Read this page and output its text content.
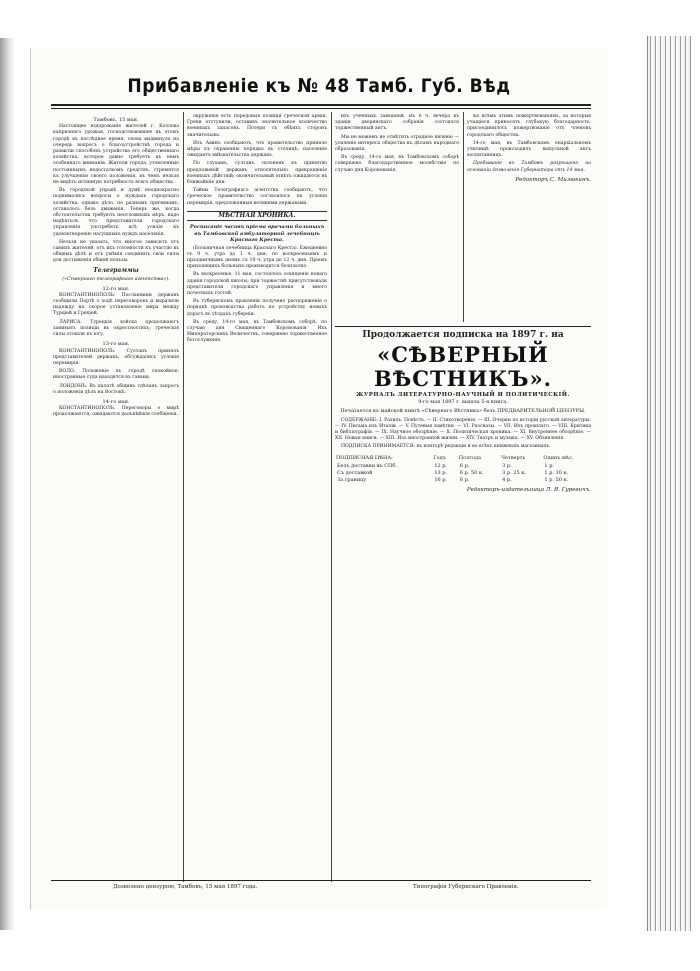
Прибавленіе къ № 48 Тамб. Губ. Вѣд
Тамбовъ, 15 мая.

Настоящее вздорожаніе жителей г. Козлова капризнаго урожая, господствовавшее въ этомъ городѣ въ послѣднее время, снова выдвинуло на очередь вопросъ о благоустройствѣ города и развитіи способовъ устройства его общественнаго хозяйства, которое давно требуетъ въ немъ особеннаго вниманія. Жители города, утомленные постояннымъ недостаткомъ средствъ, стремятся къ улучшенію своего положенія, въ чемъ нельзя не видѣть истинную потребность всего общества.

Въ городской управѣ и думѣ неоднократно поднимались вопросы о нуждахъ городскаго хозяйства; однако дѣло, по разнымъ причинамъ, оставалось безъ движенія. Теперь же, когда обстоятельства требуютъ неотложныхъ мѣръ, надо надѣяться, что представители городскаго управленія употребятъ всѣ усилія къ удовлетворенію насущныхъ нуждъ населенія.

Нельзя не указать, что многое зависитъ отъ самихъ жителей, отъ ихъ готовности къ участію въ общемъ дѣлѣ и отъ умѣнія соединить свои силы для достиженія общей пользы.

Телеграммы
(«Сѣвернаго телеграфнаго агентства»).
12-го мая.

КОНСТАНТИНОПОЛЬ. Посланники державъ сообщили Портѣ о ходѣ переговоровъ и выразили надежду на скорое установленіе мира между Турціей и Греціей.

ЛАРИСА. Турецкія войска продолжаютъ занимать позиціи въ окрестностяхъ; греческія силы отошли къ югу.

13-го мая.

КОНСТАНТИНОПОЛЬ. Султанъ принялъ представителей державъ; обсуждались условія перемирія.

ВОЛО. Положеніе въ городѣ спокойное; иностранные суда находятся въ гавани.

ЛОНДОНЪ. Въ палатѣ общинъ сдѣланъ запросъ о положеніи дѣлъ на Востокѣ.

14-го мая.

КОНСТАНТИНОПОЛЬ. Переговоры о мирѣ продолжаются; ожидаются дальнѣйшія сообщенія.

окруженіе есть передовыя позиціи греческой арміи. Греки отступили, оставивъ значительное количество военныхъ запасовъ. Потери съ обѣихъ сторонъ значительны.

Изъ Аѳинъ сообщаютъ, что правительство приняло мѣры къ охраненію порядка въ столицѣ; населеніе ожидаетъ вмѣшательства державъ.

По слухамъ, султанъ склоненъ къ принятію предложеній державъ относительно прекращенія военныхъ дѣйствій; окончательный отвѣтъ ожидается въ ближайшіе дни.

Тайны Телеграфнаго агентства сообщаютъ, что греческое правительство согласилось на условія перемирія, предложенныя великими державами.

МѢСТНАЯ ХРОНИКА.
Росписаніе часовъ пріема врачами больныхъ въ Тамбовской амбулаторной лечебницѣ Краснаго Креста.

(Больничная лечебница Краснаго Креста). Ежедневно съ 9 ч. утра до 1 ч. дня; по воскресеньямъ и праздничнымъ днямъ съ 10 ч. утра до 12 ч. дня. Пріемъ приходящихъ больныхъ производится безплатно.

Въ воскресенье, 11 мая, состоялось освященіе новаго зданія городской школы; при торжествѣ присутствовали представители городскаго управленія и много почетныхъ гостей.

Въ губернскомъ правленіи получено распоряженіе о порядкѣ производства работъ по устройству новыхъ дорогъ въ уѣздахъ губерніи.

Въ среду, 14-го мая, въ Тамбовскомъ соборѣ, по случаю дня Священнаго Коронованія Ихъ Императорскихъ Величествъ, совершено торжественное богослуженіе.

ихъ учебныхъ заведеній. Въ 6 ч. вечера въ зданіи дворянскаго собранія состоялся торжественный актъ.

Мы не можемъ не отмѣтить отрадное явленіе — усиленіе интереса общества къ дѣламъ народнаго образованія.

Въ среду, 14-го мая, въ Тамбовскомъ соборѣ совершено благодарственное молебствіе по случаю дня Коронованія.

Ко всѣмъ этимъ пожертвованіямъ, за которыя учащіеся приносятъ глубокую благодарность, присоединилось пожертвованіе отъ членовъ городскаго общества.

14-го мая, въ Тамбовскомъ епархіальномъ училищѣ происходилъ выпускной актъ воспитанницъ.

Пребываніе въ Тамбовѣ разрѣшено на основаніи дозволенія Губернатора отъ 14 мая.

Редакторъ С. Милюкинъ.
Продолжается подписка на 1897 г. на
«СѢВЕРНЫЙ ВѢСТНИКЪ».
ЖУРНАЛЪ ЛИТЕРАТУРНО-НАУЧНЫЙ И ПОЛИТИЧЕСКІЙ.
9-го мая 1897 г. вышла 5-я книга.
Печатается въ майской книгѣ «Сѣвернаго Вѣстника» безъ ПРЕДВАРИТЕЛЬНОЙ ЦЕНЗУРЫ.

СОДЕРЖАНІЕ: I. Рахиль. Повѣсть. — II. Стихотворенія. — III. Очерки по исторіи русской литературы. — IV. Письма изъ Италіи. — V. Путевыя замѣтки. — VI. Разсказы. — VII. Изъ прошлаго. — VIII. Критика и библіографія. — IX. Научное обозрѣніе. — X. Политическая хроника. — XI. Внутреннее обозрѣніе. — XII. Новыя книги. — XIII. Изъ иностранной жизни. — XIV. Театръ и музыка. — XV. Объявленія.

ПОДПИСКА ПРИНИМАЕТСЯ: въ конторѣ редакціи и во всѣхъ книжныхъ магазинахъ.

ПОДПИСНАЯ ЦѢНА:	Годъ	Полгода	Четверть	Одинъ мѣс.
Безъ доставки въ СПб.	12 р.	6 р.	3 р.	1 р.
Съ доставкой	13 р.	6 р. 50 к.	3 р. 25 к.	1 р. 10 к.
За границу	16 р.	8 р.	4 р.	1 р. 50 к.
Редакторъ-издательница Л. Я. Гуревичъ.
Дозволено цензурою, Тамбовъ, 15 мая 1897 года.	Типографія Губернскаго Правленія.
